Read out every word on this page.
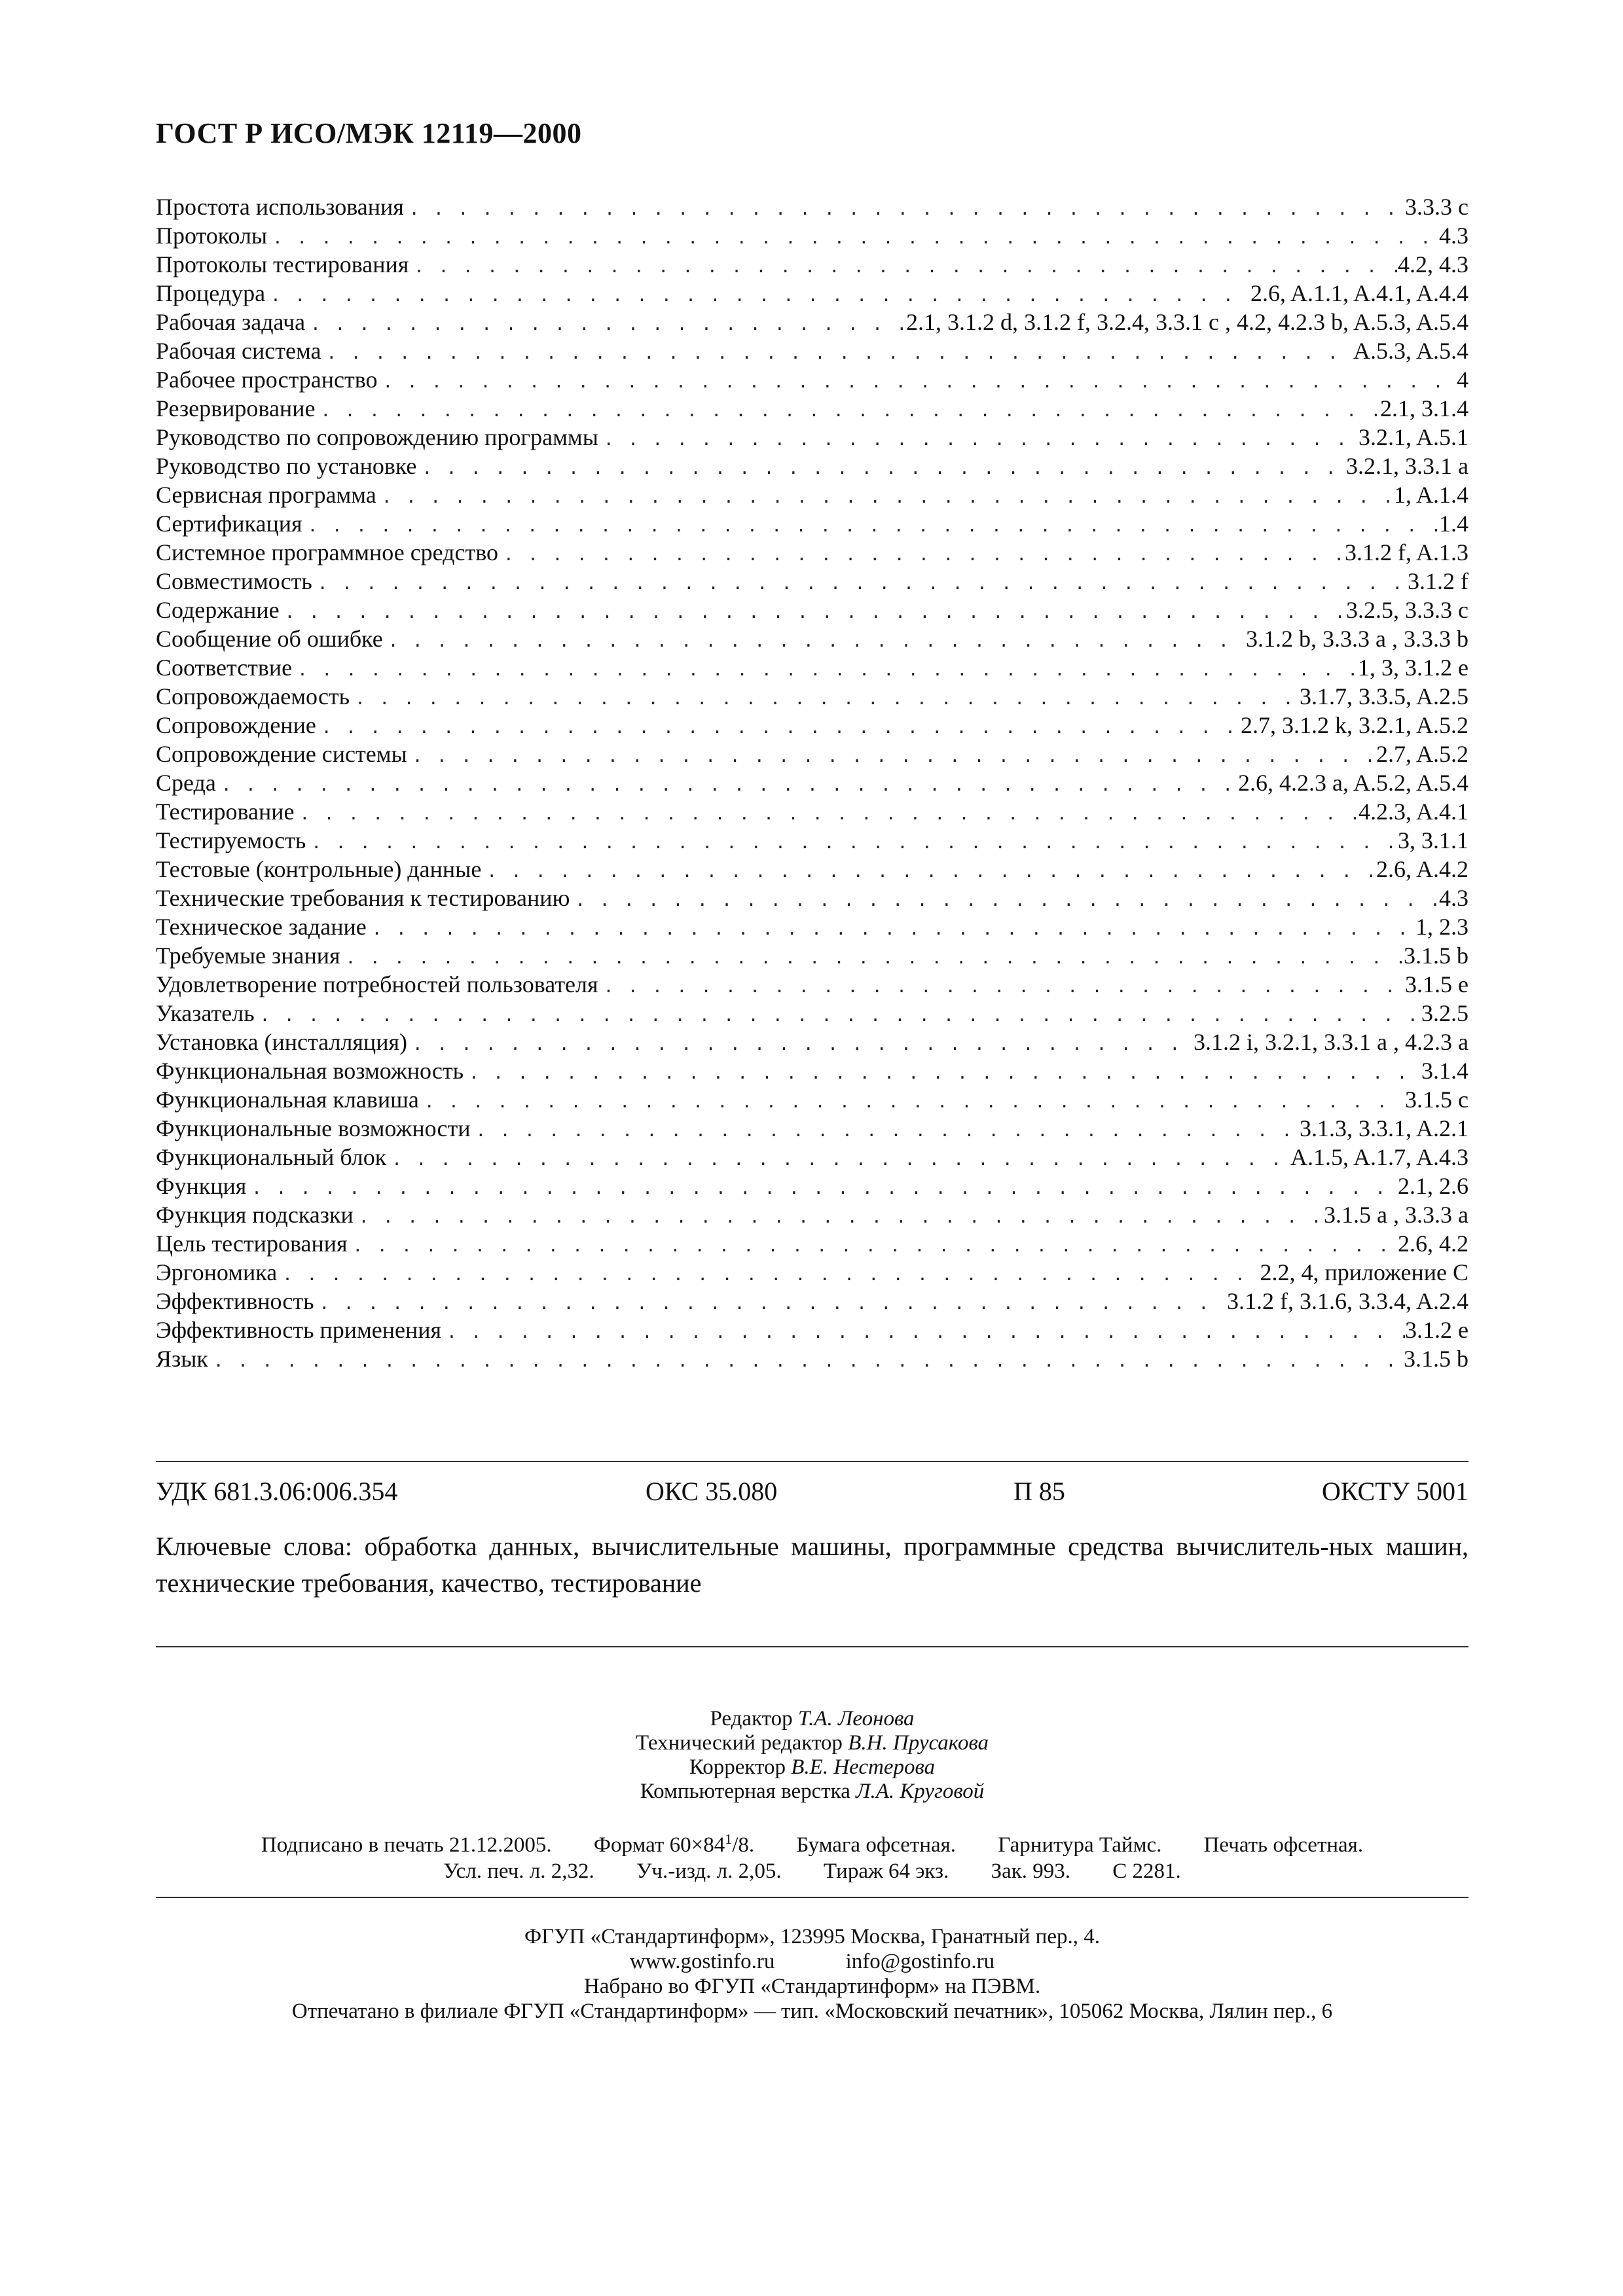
ГОСТ Р ИСО/МЭК 12119—2000
Простота использования . . .	3.3.3 c
Протоколы . . .	4.3
Протоколы тестирования . . .	4.2, 4.3
Процедура . . .	2.6, A.1.1, A.4.1, A.4.4
Рабочая задача . . .	2.1, 3.1.2 d, 3.1.2 f, 3.2.4, 3.3.1 c , 4.2, 4.2.3 b, A.5.3, A.5.4
Рабочая система . . .	A.5.3, A.5.4
Рабочее пространство . . .	4
Резервирование . . .	2.1, 3.1.4
Руководство по сопровождению программы . . .	3.2.1, A.5.1
Руководство по установке . . .	3.2.1, 3.3.1 a
Сервисная программа . . .	1, A.1.4
Сертификация . . .	1.4
Системное программное средство . . .	3.1.2 f, A.1.3
Совместимость . . .	3.1.2 f
Содержание . . .	3.2.5, 3.3.3 c
Сообщение об ошибке . . .	3.1.2 b, 3.3.3 a , 3.3.3 b
Соответствие . . .	1, 3, 3.1.2 e
Сопровождаемость . . .	3.1.7, 3.3.5, A.2.5
Сопровождение . . .	2.7, 3.1.2 k, 3.2.1, A.5.2
Сопровождение системы . . .	2.7, A.5.2
Среда . . .	2.6, 4.2.3 a, A.5.2, A.5.4
Тестирование . . .	4.2.3, A.4.1
Тестируемость . . .	3, 3.1.1
Тестовые (контрольные) данные . . .	2.6, A.4.2
Технические требования к тестированию . . .	4.3
Техническое задание . . .	1, 2.3
Требуемые знания . . .	3.1.5 b
Удовлетворение потребностей пользователя . . .	3.1.5 e
Указатель . . .	3.2.5
Установка (инсталляция) . . .	3.1.2 i, 3.2.1, 3.3.1 a , 4.2.3 a
Функциональная возможность . . .	3.1.4
Функциональная клавиша . . .	3.1.5 c
Функциональные возможности . . .	3.1.3, 3.3.1, A.2.1
Функциональный блок . . .	A.1.5, A.1.7, A.4.3
Функция . . .	2.1, 2.6
Функция подсказки . . .	3.1.5 a , 3.3.3 a
Цель тестирования . . .	2.6, 4.2
Эргономика . . .	2.2, 4, приложение C
Эффективность . . .	3.1.2 f, 3.1.6, 3.3.4, A.2.4
Эффективность применения . . .	3.1.2 e
Язык . . .	3.1.5 b
УДК 681.3.06:006.354	ОКС 35.080	П 85	ОКСТУ 5001
Ключевые слова: обработка данных, вычислительные машины, программные средства вычислитель-ных машин, технические требования, качество, тестирование
Редактор Т.А. Леонова
Технический редактор В.Н. Прусакова
Корректор В.Е. Нестерова
Компьютерная верстка Л.А. Круговой
Подписано в печать 21.12.2005. Формат $60\times 84^1/8$. Бумага офсетная. Гарнитура Таймс. Печать офсетная.
Усл. печ. л. 2,32. Уч.-изд. л. 2,05. Тираж 64 экз. Зак. 993. С 2281.
ФГУП «Стандартинформ», 123995 Москва, Гранатный пер., 4.
www.gostinfo.ru	info@gostinfo.ru
Набрано во ФГУП «Стандартинформ» на ПЭВМ.
Отпечатано в филиале ФГУП «Стандартинформ» — тип. «Московский печатник», 105062 Москва, Лялин пер., 6
